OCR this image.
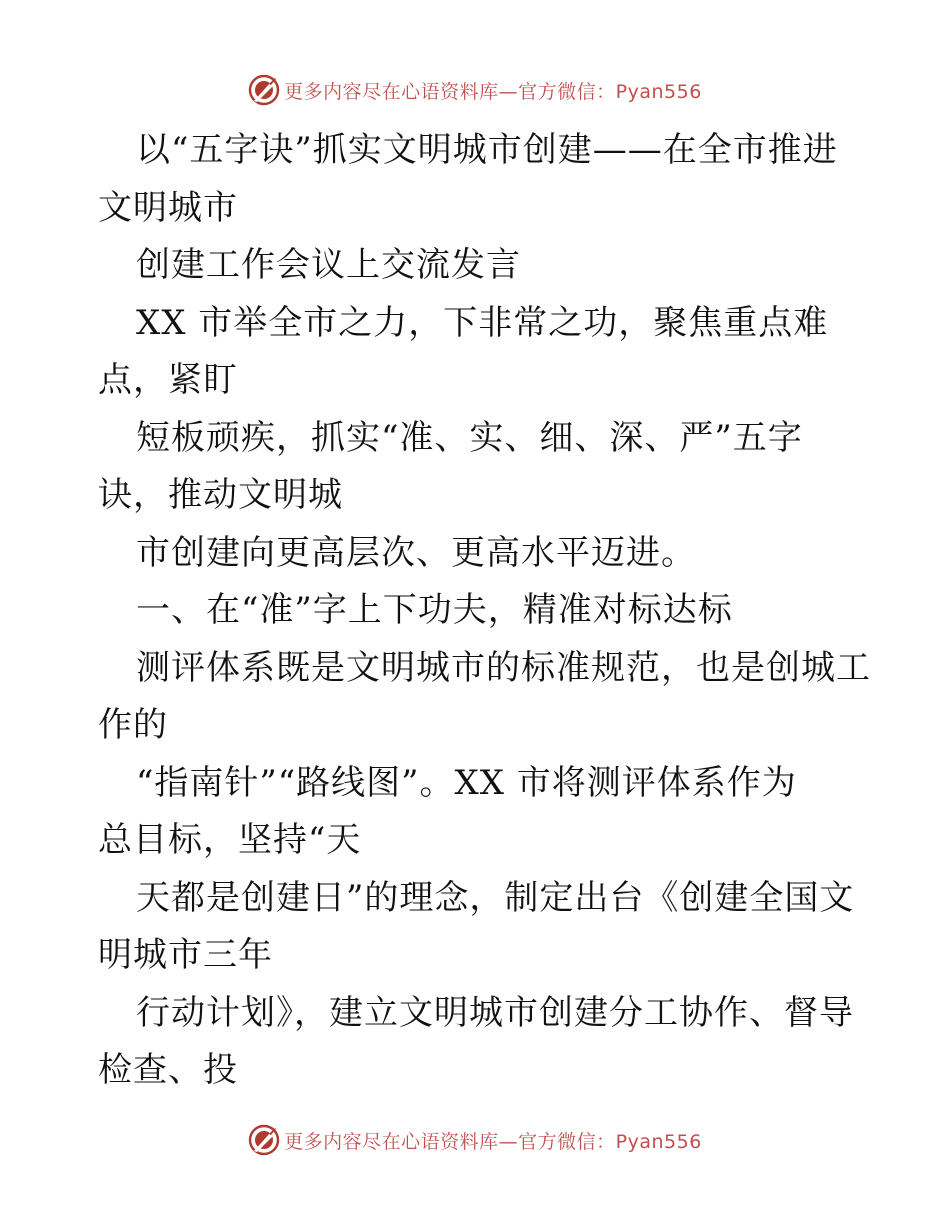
更多内容尽在心语资料库—官方微信：Pyan556
以“五字诀”抓实文明城市创建——在全市推进
文明城市
创建工作会议上交流发言
XX 市举全市之力，下非常之功，聚焦重点难
点，紧盯
短板顽疾，抓实“准、实、细、深、严”五字
诀，推动文明城
市创建向更高层次、更高水平迈进。
一、在“准”字上下功夫，精准对标达标
测评体系既是文明城市的标准规范，也是创城工
作的
“指南针”“路线图”。XX 市将测评体系作为
总目标，坚持“天
天都是创建日”的理念，制定出台《创建全国文
明城市三年
行动计划》，建立文明城市创建分工协作、督导
检查、投
更多内容尽在心语资料库—官方微信：Pyan556
